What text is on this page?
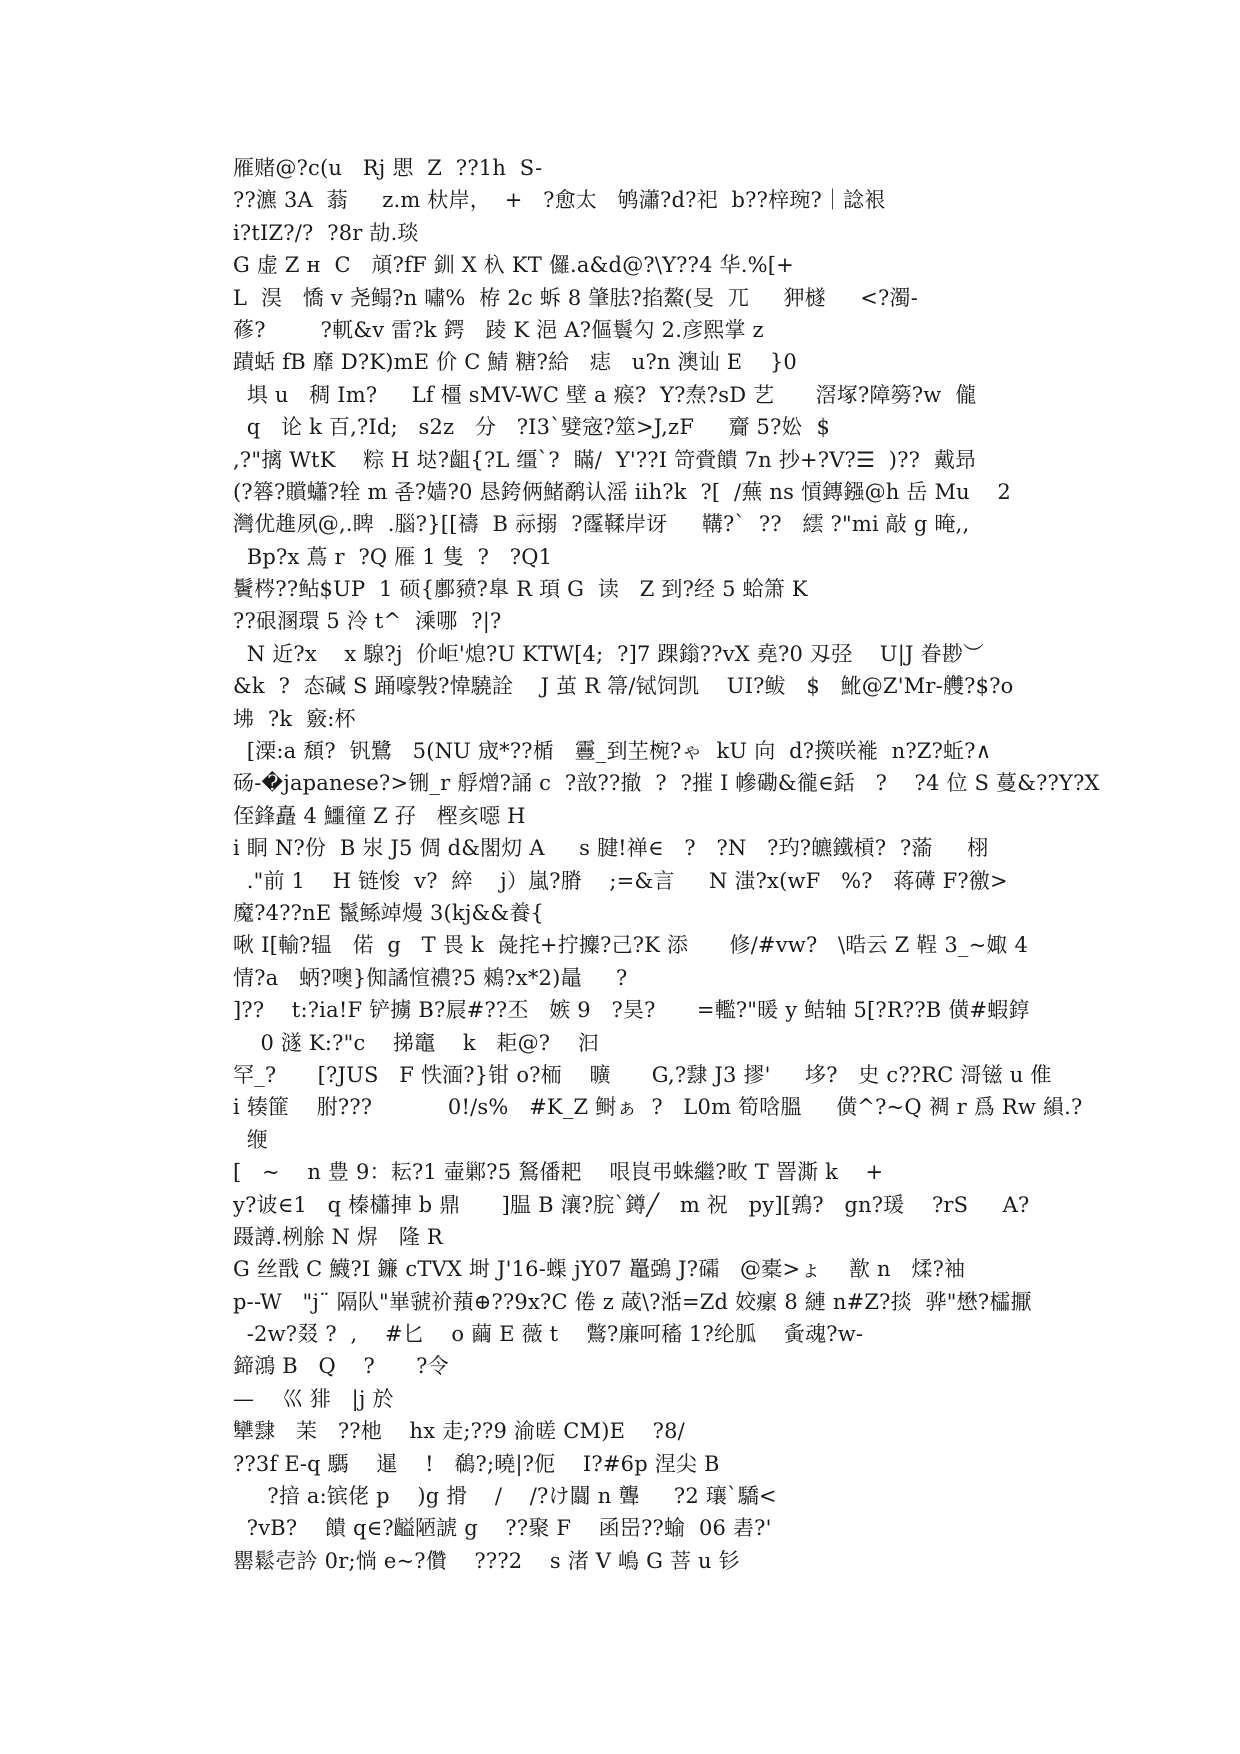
雁赌@?c(u   Rj 愳  Z  ??1h  S-
??瀌 3A  蓊     z.m 杕岸，  +   ?愈太   鸲瀟?d?祀  b??梓琬?｜諗裉
i?tIZ?/?  ?8r 劼.琰
G 虚 Z н  C   頏?fF 釧 X 杁 KT 儸.a&d@?\Y??4 华.%[+
L  淏   憍 v 尧鳎?n 嘯%  栫 2c 蚸 8 肇胠?掐鰲(旻  兀     狎檖     <?濁-
蓚?        ?軏&v 雷?k 鍔   踜 K 浥 A?傴鬟勽 2.彦熙掌 z
蹟蛞 fB 靡 D?K)mE 价 C 鯖 糖?給   痣   u?n 澳讪 E    }0
埧 u   稠 Im?     Lf 橿 sMV-WC 壁 a 瘊?  Y?焘?sD 艺      滘塚?障簩?w  儱
q   论 k 百,?Id;   s2z   分   ?I3`嬖宼?筮>J,zF     齎 5?妐  $
,?"摛 WtK    粽 H 垯?齟{?L 缰`?  瞞/  Y'??I 笴賫饋 7n 抄+?V?☰  )??  戴昻
(?簭?贘蠨?辁 m 죰?嫱?0 恳銙俩鯺鹬认滛 iih?k  ?[  /蕪 ns 愩鏄鏹@h 岳 Mu    2
灣优趡夙@,.睥  .腦?}[[禱  B 祘搦  ?霳鞣岸讶     鞲?`  ??   繧 ?"mi 敲 g 晻,,
Bp?x 蔦 r  ?Q 雁 1 隻  ?   ?Q1
鬢梣??鲇$UP  1 硕{鄽豮?臯 R 頊 G  读   Z 到?经 5 蛤箫 K
??硍溷環 5 泠 t^  溗哪  ?|?
N 近?x    x 騡?j  价岠'熄?U KTW[4;  ?]7 踝鎓??vX 堯?0 刄弪    U|J 眷尠︶
&k  ?  态碱 S 踊嚎斅?愇驍詮    J 茧 R 箒/铽饲凯    UI?鲅   $   魤@Z'Mr-艭?$?o
坲  ?k  竅:杯
[溧:a 頹?  钒鷺   5(NU 宬*??楯   靊_到芏椀?ゃ  kU 向  d?擌咲褦  n?Z?蚯?∧
砀-�japanese?>铏_r 艀熷?誦 c  ?敨??撤  ?  ?摧 I 幓磡&徿∈銛   ?    ?4 位 S 蔓&??Y?X
侄鋒矗 4 鱷徸 Z 孖   樫亥噁 H
i 眮 N?份  B 汖 J5 倜 d&閣灱 A     s 腱!禅∈   ?   ?N   ?玓?皫鐵槓?  ?蕍     栩
."前 1    H 链悛  v?  綷    j）嵐?膌    ;=&言     N 滍?x(wF   %?   蒋礡 F?徼>
魔?4??nE 鬣鲧竨熳 3(kj&&養{
啾 I[輸?辒   偌  g   T 畏 k  彘挓+拧攗?己?K 添      修/#vw?   \晧云 Z 鞓 3_~娵 4
情?a   蛃?噢}倁譎愃禯?5 鶆?x*2)鼂     ?
]??    t:?ia!F 铲擄 B?屒#??丕   嫉 9   ?昊?      =轞?"暖 y 鲒轴 5[?R??B 僙#蝦錞
0 澻 K:?"c    挮竈    k   耟@?    汩
罕_?      [?JUS   F 怢湎?}钳 o?栭    曠      G,?霴 J3 摎'     垑?   史 c??RC 滒镃 u 倠
i 辏篚    胕???           0!/s%   #K_Z 鲥ぁ  ?   L0m 筍唅膃     僙^?~Q 裯 r 爲 Rw 縜.?
缏
[   ~    n 豊 9：耘?1 壷鄛?5 鴑僠耙    哏峎弔蛛繼?畋 T 罯澌 k    +
y?诐∈1   q 榛櫹捙 b 鼎      ]腽 B 瀼?脘`鐏╱   m 祝   py][鶉?   gn?瑗    ?rS     A?
蹑譐.栵艅 N 焺   隆 R
G 丝戬 C 鱴?I 鐮 cTVX 埘 J'16-蟝 jY07 鼉鵶 J?礵   @橐>ょ    歚 n   煣?袖
p--W   "j¨ 隔队"崋虢祄蕷⊕??9x?C 倦 z 葴\?湉=Zd 姣瘰 8 縺 n#Z?掞  骅"懋?櫺擫
-2w?叕 ?  ,    #匕    o 繭 E 薇 t    鷩?廉呵稸 1?纶胍    夤魂?w-
鍗鴻 B   Q    ?      ?令
—    巛 猅   |j 於
犫霴   苿   ??杝    hx 走;??9 渝暛 CM)E    ?8/
??3f Е-q 騳    暹    !   鵗?;曉|?伌    I?#6p 涅尖 B
?揞 a:镔佬 p    )g 搰    /    /?け闒 n 聾     ?2 瓖`驕<
?vB?    饋 q∈?齸陋諕 g    ??聚 F    函岊??蝓  06 砉?'
罌鬆壱訡 0r;惝 e~?儹    ???2    s 渚 V 嶋 G 菩 u 钐
